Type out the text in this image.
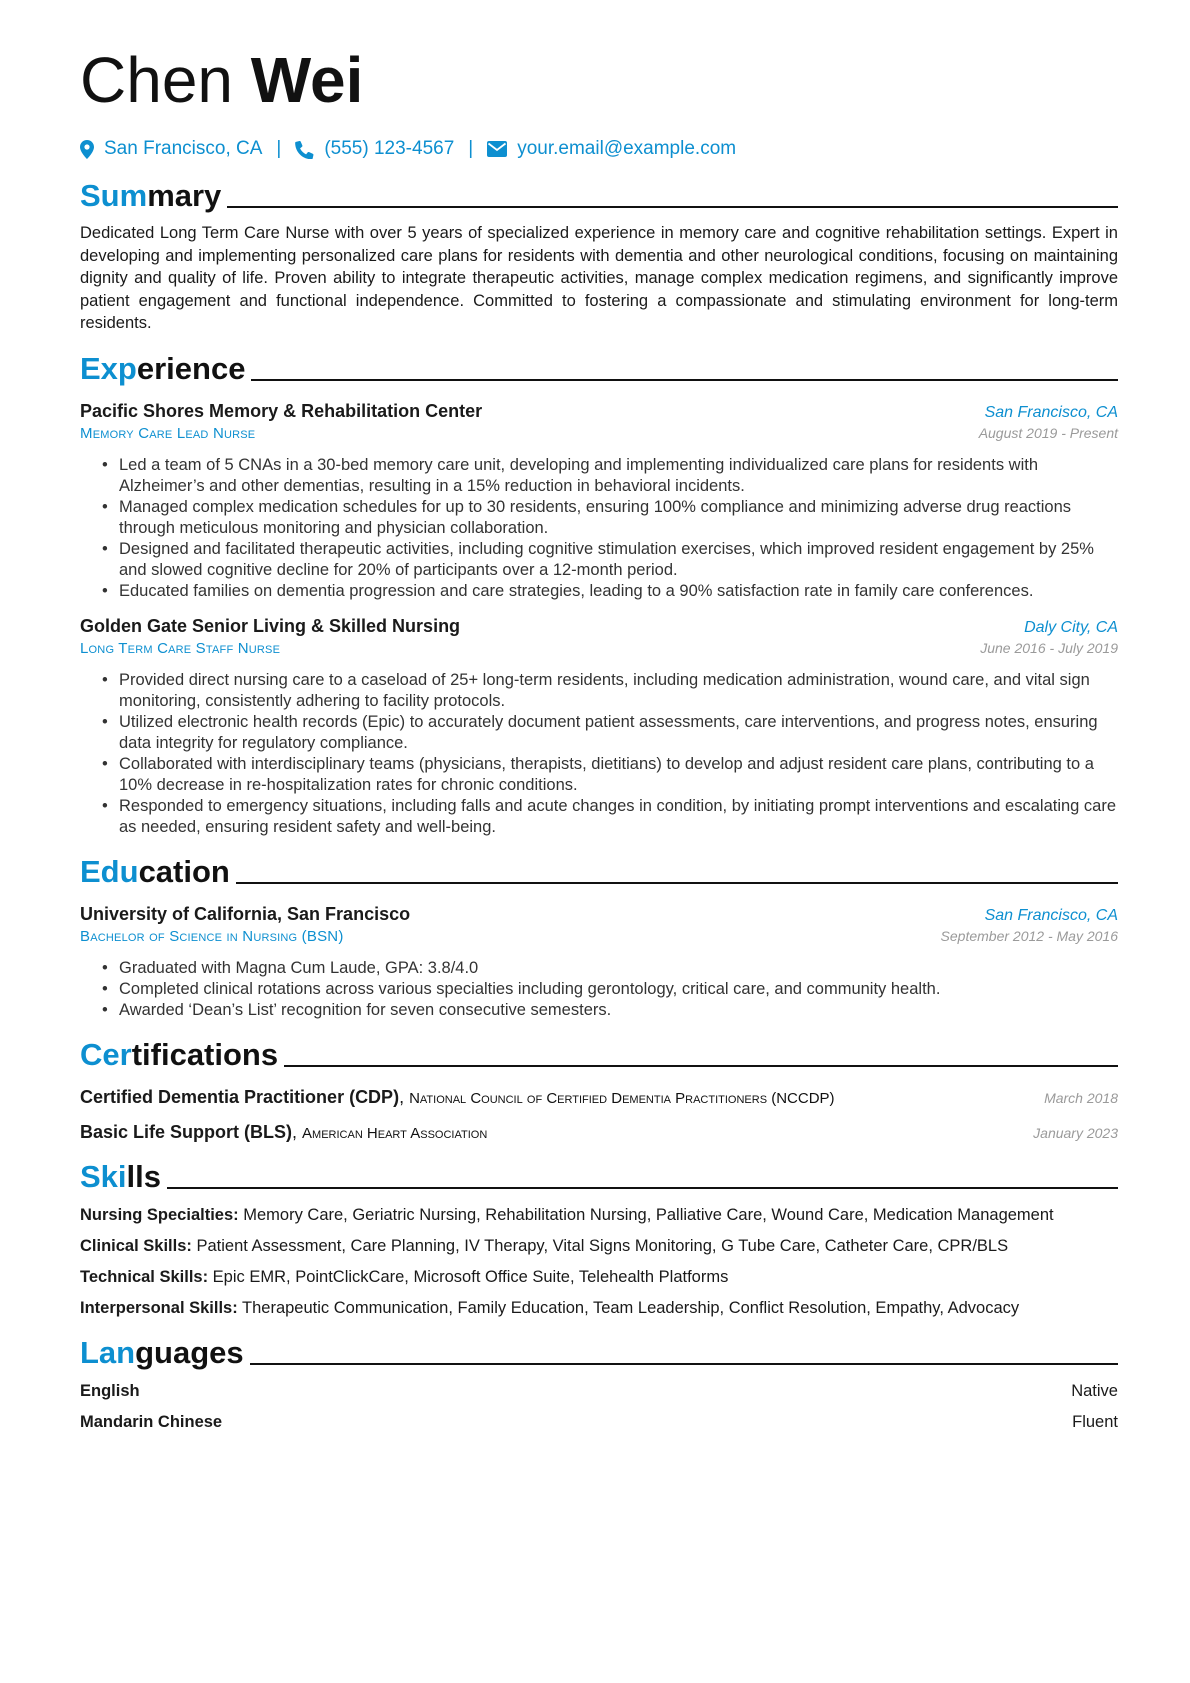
Chen Wei
San Francisco, CA | (555) 123-4567 | your.email@example.com
Summary

Dedicated Long Term Care Nurse with over 5 years of specialized experience in memory care and cognitive rehabilitation settings. Expert in developing and implementing personalized care plans for residents with dementia and other neurological conditions, focusing on maintaining dignity and quality of life. Proven ability to integrate therapeutic activities, manage complex medication regimens, and significantly improve patient engagement and functional independence. Committed to fostering a compassionate and stimulating environment for long-term residents.

Experience
Pacific Shores Memory & Rehabilitation Center	San Francisco, CA
Memory Care Lead Nurse	August 2019 - Present
• Led a team of 5 CNAs in a 30-bed memory care unit, developing and implementing individualized care plans for residents with Alzheimer’s and other dementias, resulting in a 15% reduction in behavioral incidents.
• Managed complex medication schedules for up to 30 residents, ensuring 100% compliance and minimizing adverse drug reactions through meticulous monitoring and physician collaboration.
• Designed and facilitated therapeutic activities, including cognitive stimulation exercises, which improved resident engagement by 25% and slowed cognitive decline for 20% of participants over a 12-month period.
• Educated families on dementia progression and care strategies, leading to a 90% satisfaction rate in family care conferences.
Golden Gate Senior Living & Skilled Nursing	Daly City, CA
Long Term Care Staff Nurse	June 2016 - July 2019
• Provided direct nursing care to a caseload of 25+ long-term residents, including medication administration, wound care, and vital sign monitoring, consistently adhering to facility protocols.
• Utilized electronic health records (Epic) to accurately document patient assessments, care interventions, and progress notes, ensuring data integrity for regulatory compliance.
• Collaborated with interdisciplinary teams (physicians, therapists, dietitians) to develop and adjust resident care plans, contributing to a 10% decrease in re-hospitalization rates for chronic conditions.
• Responded to emergency situations, including falls and acute changes in condition, by initiating prompt interventions and escalating care as needed, ensuring resident safety and well-being.
Education
University of California, San Francisco	San Francisco, CA
Bachelor of Science in Nursing (BSN)	September 2012 - May 2016
• Graduated with Magna Cum Laude, GPA: 3.8/4.0
• Completed clinical rotations across various specialties including gerontology, critical care, and community health.
• Awarded ‘Dean’s List’ recognition for seven consecutive semesters.
Certifications
Certified Dementia Practitioner (CDP), National Council of Certified Dementia Practitioners (NCCDP)	March 2018
Basic Life Support (BLS), American Heart Association	January 2023
Skills
Nursing Specialties: Memory Care, Geriatric Nursing, Rehabilitation Nursing, Palliative Care, Wound Care, Medication Management
Clinical Skills: Patient Assessment, Care Planning, IV Therapy, Vital Signs Monitoring, G Tube Care, Catheter Care, CPR/BLS
Technical Skills: Epic EMR, PointClickCare, Microsoft Office Suite, Telehealth Platforms
Interpersonal Skills: Therapeutic Communication, Family Education, Team Leadership, Conflict Resolution, Empathy, Advocacy
Languages
English	Native
Mandarin Chinese	Fluent
